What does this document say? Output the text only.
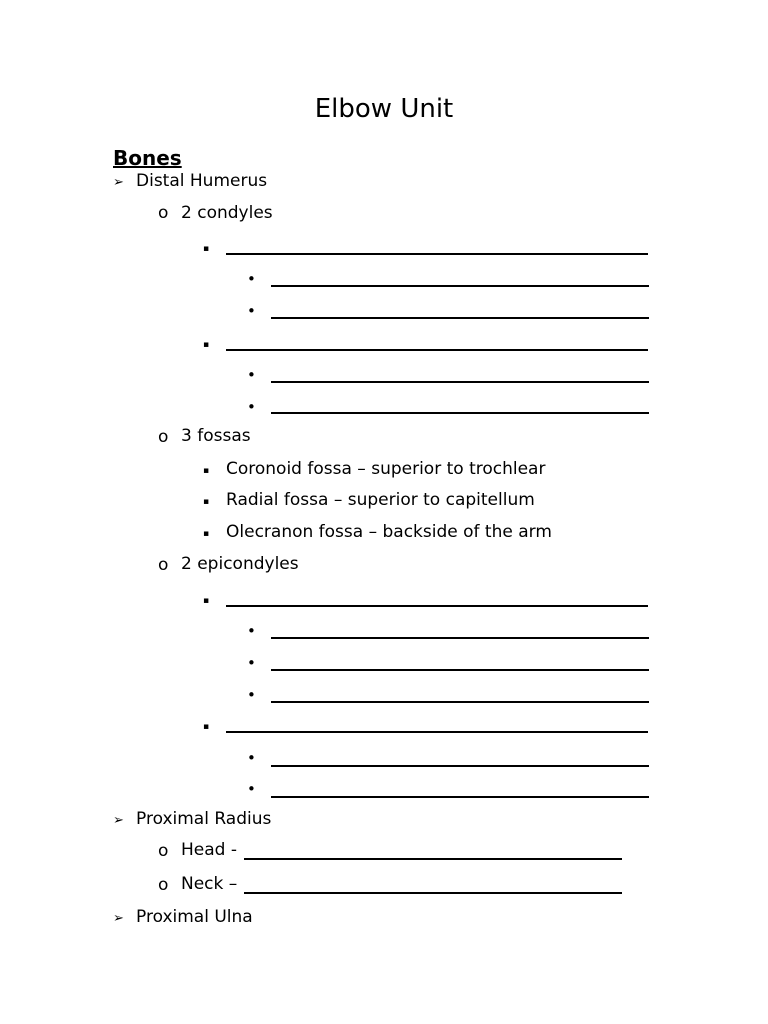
Elbow Unit
Bones
➢ Distal Humerus
o 2 condyles
▪
•
•
▪
•
•
o 3 fossas
▪ Coronoid fossa – superior to trochlear
▪ Radial fossa – superior to capitellum
▪ Olecranon fossa – backside of the arm
o 2 epicondyles
▪
•
•
•
▪
•
•
➢ Proximal Radius
o Head -
o Neck –
➢ Proximal Ulna
